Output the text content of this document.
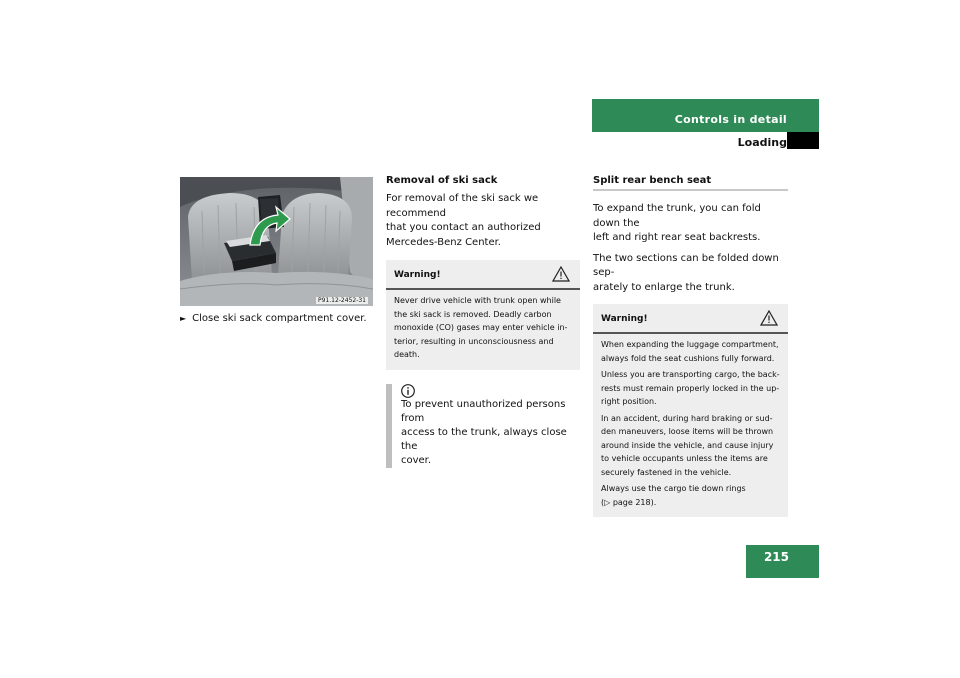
Controls in detail
Loading
P91.12-2452-31
► Close ski sack compartment cover.

Removal of ski sack

For removal of the ski sack we recommend
that you contact an authorized
Mercedes-Benz Center.

Warning!

Never drive vehicle with trunk open while
the ski sack is removed. Deadly carbon
monoxide (CO) gases may enter vehicle in-
terior, resulting in unconsciousness and
death.

To prevent unauthorized persons from
access to the trunk, always close the
cover.

Split rear bench seat

To expand the trunk, you can fold down the
left and right rear seat backrests.

The two sections can be folded down sep-
arately to enlarge the trunk.

Warning!

When expanding the luggage compartment,
always fold the seat cushions fully forward.

Unless you are transporting cargo, the back-
rests must remain properly locked in the up-
right position.

In an accident, during hard braking or sud-
den maneuvers, loose items will be thrown
around inside the vehicle, and cause injury
to vehicle occupants unless the items are
securely fastened in the vehicle.

Always use the cargo tie down rings
(▷ page 218).

215
